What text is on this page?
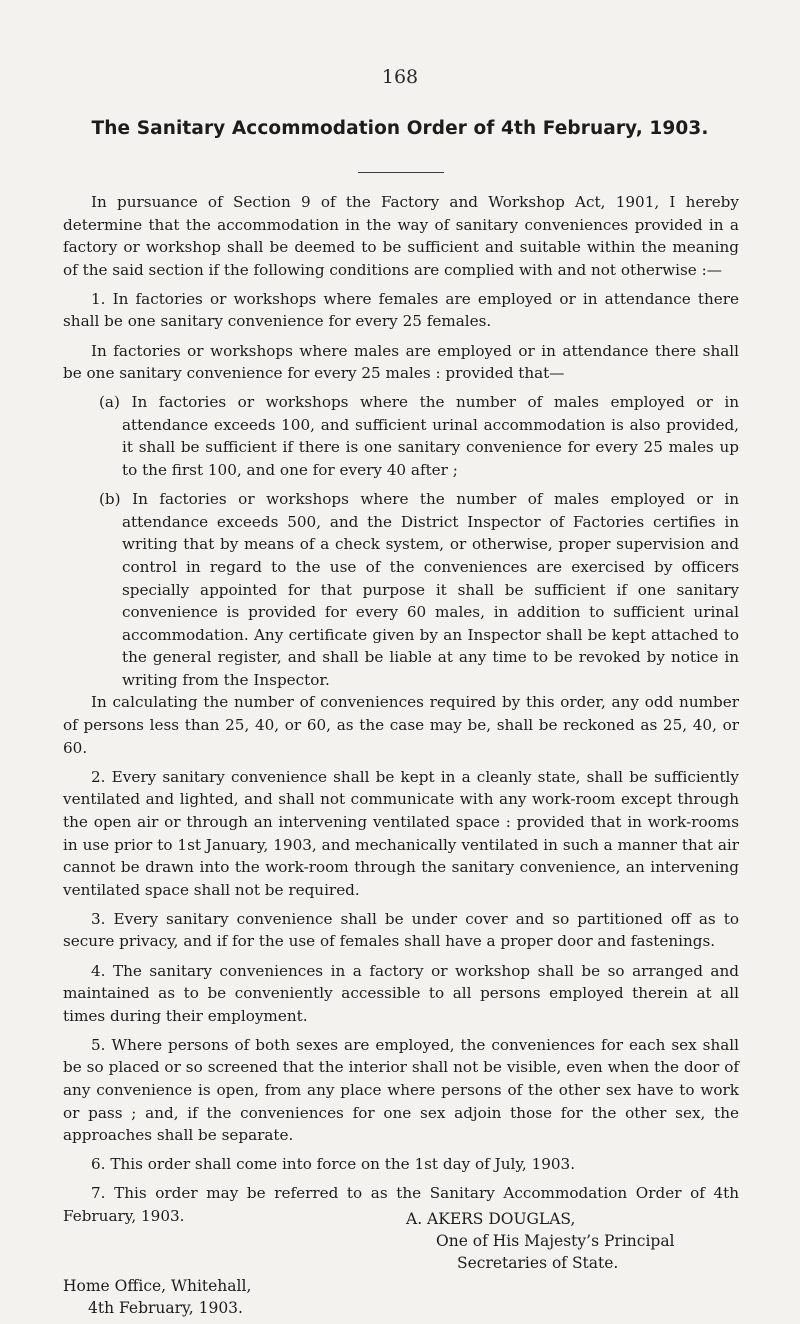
168
The Sanitary Accommodation Order of 4th February, 1903.

In pursuance of Section 9 of the Factory and Workshop Act, 1901, I hereby determine that the accommodation in the way of sanitary conveniences provided in a factory or workshop shall be deemed to be sufficient and suitable within the meaning of the said section if the following conditions are complied with and not otherwise :—

1. In factories or workshops where females are employed or in attendance there shall be one sanitary convenience for every 25 females.

In factories or workshops where males are employed or in attendance there shall be one sanitary convenience for every 25 males : provided that—

(a) In factories or workshops where the number of males employed or in attendance exceeds 100, and sufficient urinal accommodation is also provided, it shall be sufficient if there is one sanitary convenience for every 25 males up to the first 100, and one for every 40 after ;

(b) In factories or workshops where the number of males employed or in attendance exceeds 500, and the District Inspector of Factories certifies in writing that by means of a check system, or otherwise, proper supervision and control in regard to the use of the conveniences are exercised by officers specially appointed for that purpose it shall be sufficient if one sanitary convenience is provided for every 60 males, in addition to sufficient urinal accommodation. Any certificate given by an Inspector shall be kept attached to the general register, and shall be liable at any time to be revoked by notice in writing from the Inspector.

In calculating the number of conveniences required by this order, any odd number of persons less than 25, 40, or 60, as the case may be, shall be reckoned as 25, 40, or 60.

2. Every sanitary convenience shall be kept in a cleanly state, shall be sufficiently ventilated and lighted, and shall not communicate with any work-room except through the open air or through an intervening ventilated space : provided that in work-rooms in use prior to 1st January, 1903, and mechanically ventilated in such a manner that air cannot be drawn into the work-room through the sanitary convenience, an intervening ventilated space shall not be required.

3. Every sanitary convenience shall be under cover and so partitioned off as to secure privacy, and if for the use of females shall have a proper door and fastenings.

4. The sanitary conveniences in a factory or workshop shall be so arranged and maintained as to be conveniently accessible to all persons employed therein at all times during their employment.

5. Where persons of both sexes are employed, the conveniences for each sex shall be so placed or so screened that the interior shall not be visible, even when the door of any convenience is open, from any place where persons of the other sex have to work or pass ; and, if the conveniences for one sex adjoin those for the other sex, the approaches shall be separate.

6. This order shall come into force on the 1st day of July, 1903.

7. This order may be referred to as the Sanitary Accommodation Order of 4th February, 1903.	A. AKERS DOUGLAS,
One of His Majesty’s Principal
Secretaries of State.
Home Office, Whitehall,
4th February, 1903.
